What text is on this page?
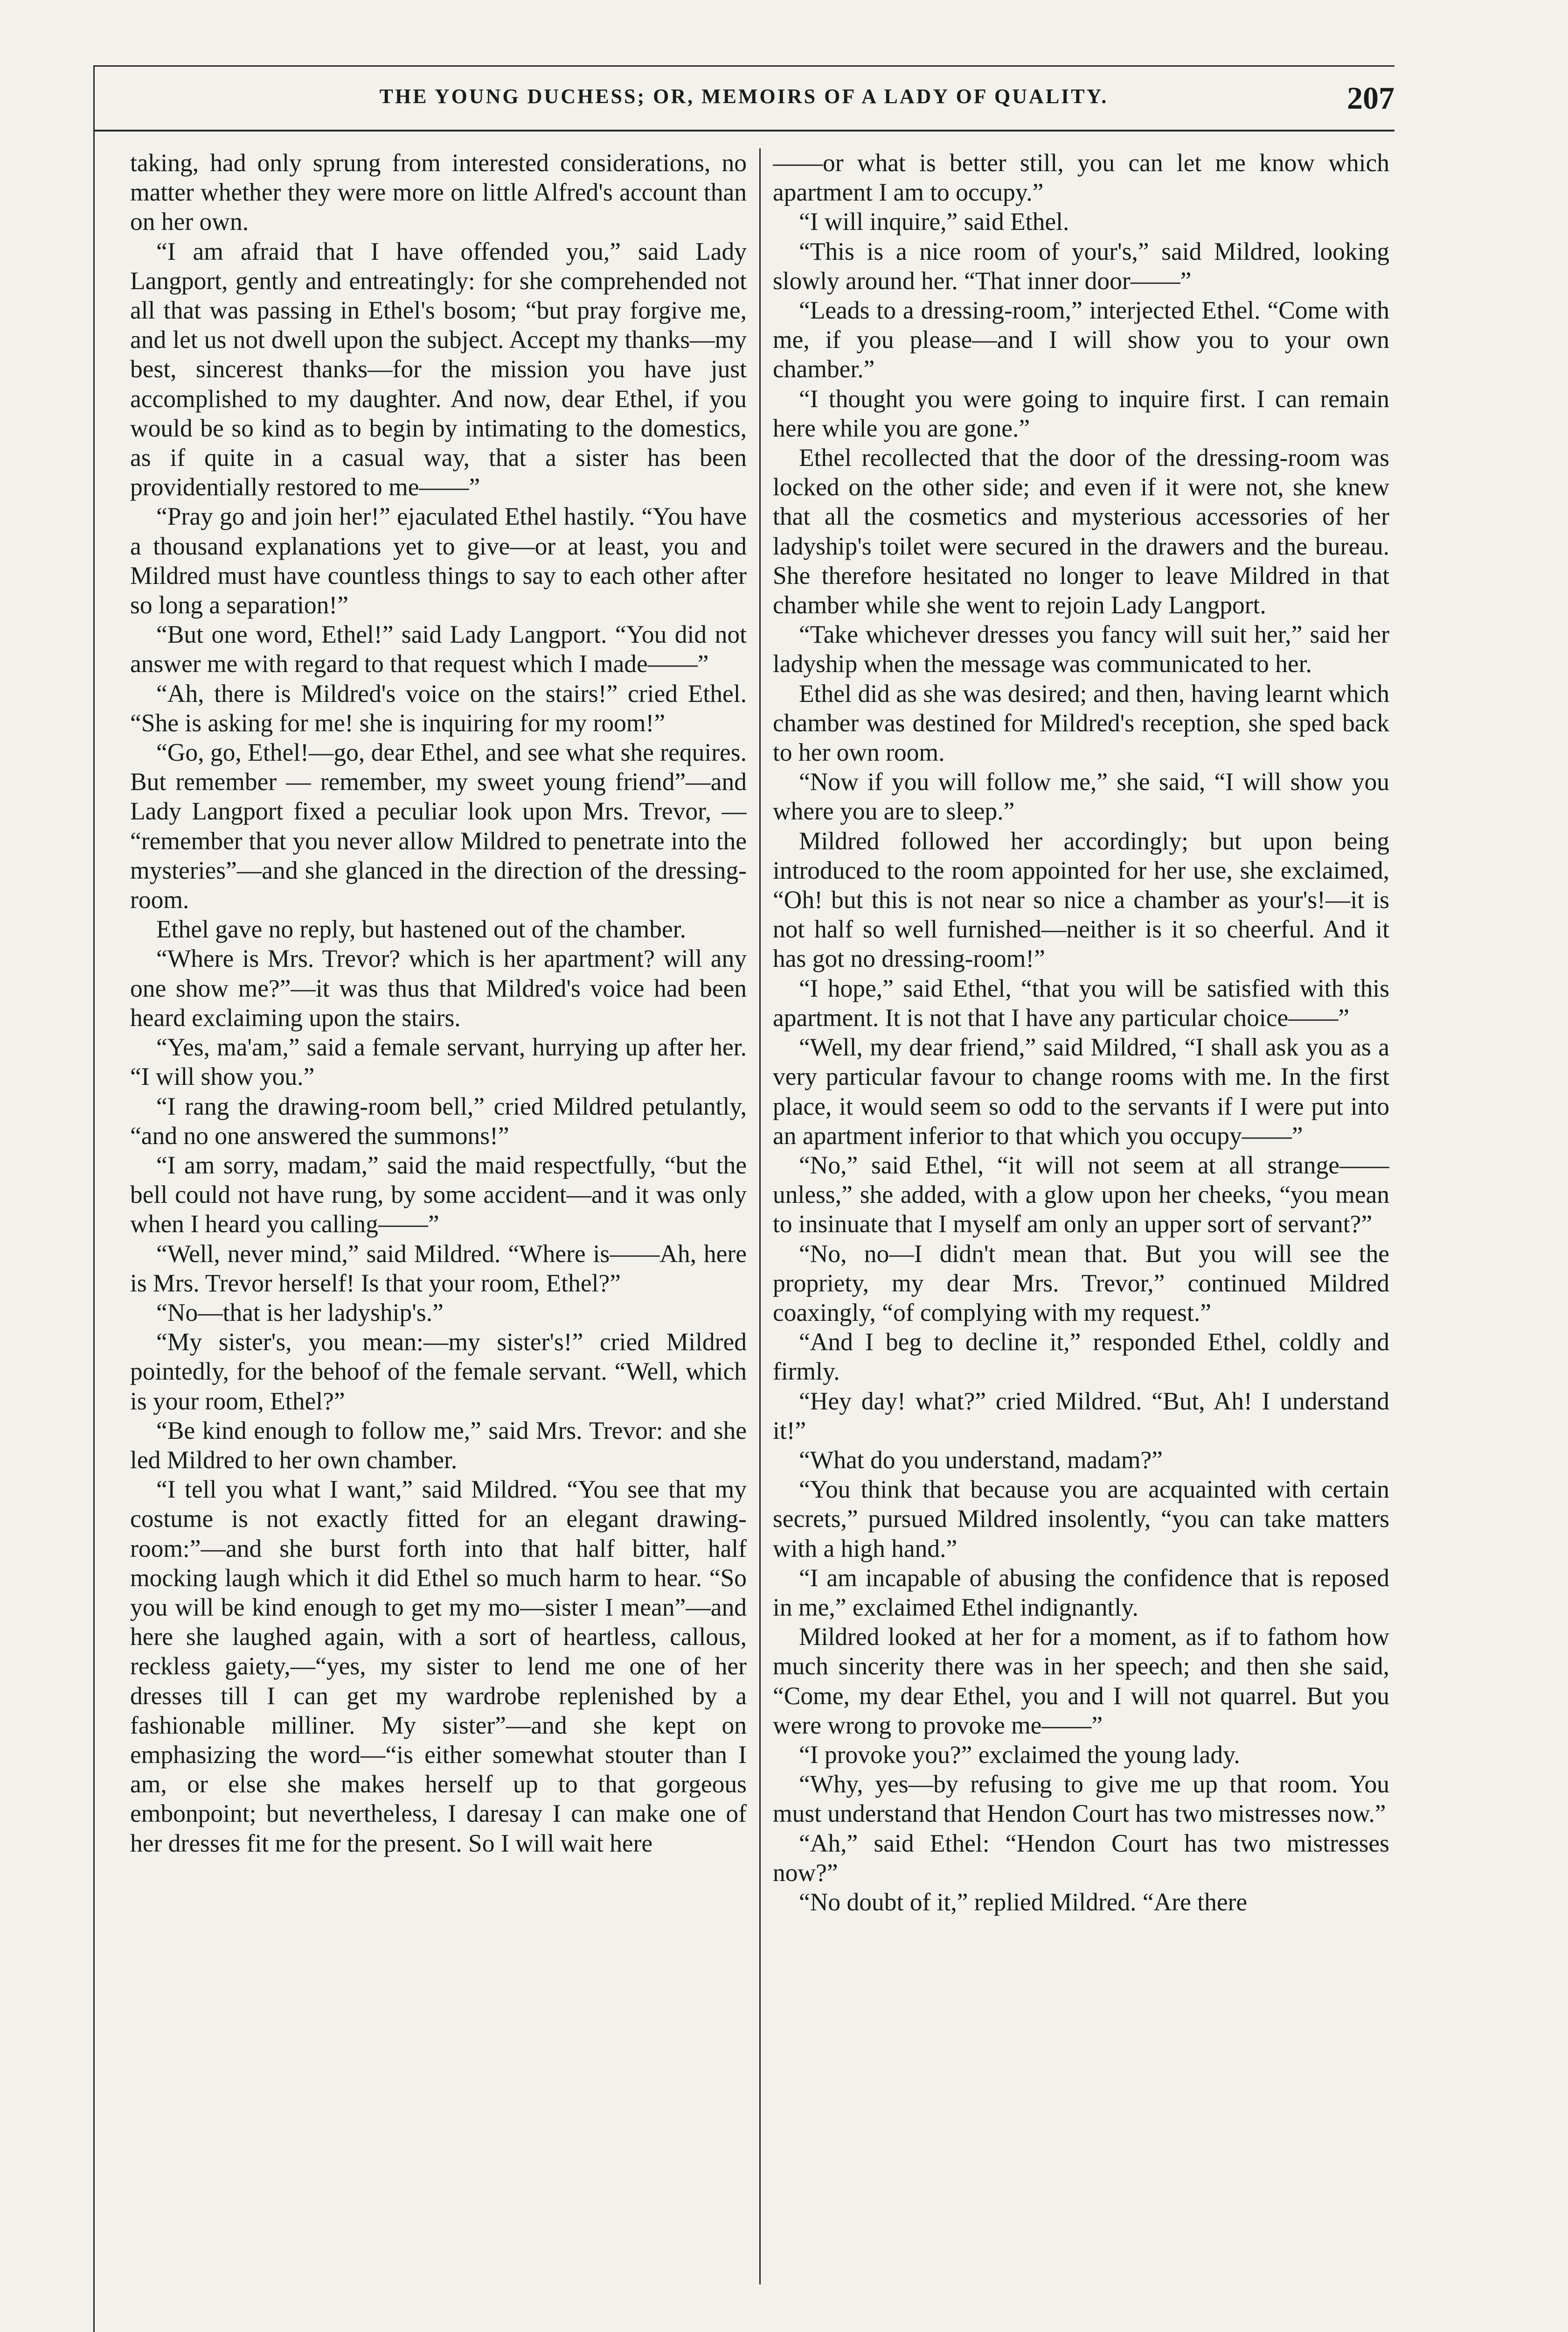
THE YOUNG DUCHESS; OR, MEMOIRS OF A LADY OF QUALITY.	207

taking, had only sprung from interested considerations, no matter whether they were more on little Alfred's account than on her own.

“I am afraid that I have offended you,” said Lady Langport, gently and entreatingly: for she comprehended not all that was passing in Ethel's bosom; “but pray forgive me, and let us not dwell upon the subject. Accept my thanks—my best, sincerest thanks—for the mission you have just accomplished to my daughter. And now, dear Ethel, if you would be so kind as to begin by intimating to the domestics, as if quite in a casual way, that a sister has been providentially restored to me——”

“Pray go and join her!” ejaculated Ethel hastily. “You have a thousand explanations yet to give—or at least, you and Mildred must have countless things to say to each other after so long a separation!”

“But one word, Ethel!” said Lady Langport. “You did not answer me with regard to that request which I made——”

“Ah, there is Mildred's voice on the stairs!” cried Ethel. “She is asking for me! she is inquiring for my room!”

“Go, go, Ethel!—go, dear Ethel, and see what she requires. But remember — remember, my sweet young friend”—and Lady Langport fixed a peculiar look upon Mrs. Trevor, — “remember that you never allow Mildred to penetrate into the mysteries”—and she glanced in the direction of the dressing-room.

Ethel gave no reply, but hastened out of the chamber.

“Where is Mrs. Trevor? which is her apartment? will any one show me?”—it was thus that Mildred's voice had been heard exclaiming upon the stairs.

“Yes, ma'am,” said a female servant, hurrying up after her. “I will show you.”

“I rang the drawing-room bell,” cried Mildred petulantly, “and no one answered the summons!”

“I am sorry, madam,” said the maid respectfully, “but the bell could not have rung, by some accident—and it was only when I heard you calling——”

“Well, never mind,” said Mildred. “Where is——Ah, here is Mrs. Trevor herself! Is that your room, Ethel?”

“No—that is her ladyship's.”

“My sister's, you mean:—my sister's!” cried Mildred pointedly, for the behoof of the female servant. “Well, which is your room, Ethel?”

“Be kind enough to follow me,” said Mrs. Trevor: and she led Mildred to her own chamber.

“I tell you what I want,” said Mildred. “You see that my costume is not exactly fitted for an elegant drawing-room:”—and she burst forth into that half bitter, half mocking laugh which it did Ethel so much harm to hear. “So you will be kind enough to get my mo—sister I mean”—and here she laughed again, with a sort of heartless, callous, reckless gaiety,—“yes, my sister to lend me one of her dresses till I can get my wardrobe replenished by a fashionable milliner. My sister”—and she kept on emphasizing the word—“is either somewhat stouter than I am, or else she makes herself up to that gorgeous embonpoint; but nevertheless, I daresay I can make one of her dresses fit me for the present. So I will wait here

——or what is better still, you can let me know which apartment I am to occupy.”

“I will inquire,” said Ethel.

“This is a nice room of your's,” said Mildred, looking slowly around her. “That inner door——”

“Leads to a dressing-room,” interjected Ethel. “Come with me, if you please—and I will show you to your own chamber.”

“I thought you were going to inquire first. I can remain here while you are gone.”

Ethel recollected that the door of the dressing-room was locked on the other side; and even if it were not, she knew that all the cosmetics and mysterious accessories of her ladyship's toilet were secured in the drawers and the bureau. She therefore hesitated no longer to leave Mildred in that chamber while she went to rejoin Lady Langport.

“Take whichever dresses you fancy will suit her,” said her ladyship when the message was communicated to her.

Ethel did as she was desired; and then, having learnt which chamber was destined for Mildred's reception, she sped back to her own room.

“Now if you will follow me,” she said, “I will show you where you are to sleep.”

Mildred followed her accordingly; but upon being introduced to the room appointed for her use, she exclaimed, “Oh! but this is not near so nice a chamber as your's!—it is not half so well furnished—neither is it so cheerful. And it has got no dressing-room!”

“I hope,” said Ethel, “that you will be satisfied with this apartment. It is not that I have any particular choice——”

“Well, my dear friend,” said Mildred, “I shall ask you as a very particular favour to change rooms with me. In the first place, it would seem so odd to the servants if I were put into an apartment inferior to that which you occupy——”

“No,” said Ethel, “it will not seem at all strange——unless,” she added, with a glow upon her cheeks, “you mean to insinuate that I myself am only an upper sort of servant?”

“No, no—I didn't mean that. But you will see the propriety, my dear Mrs. Trevor,” continued Mildred coaxingly, “of complying with my request.”

“And I beg to decline it,” responded Ethel, coldly and firmly.

“Hey day! what?” cried Mildred. “But, Ah! I understand it!”

“What do you understand, madam?”

“You think that because you are acquainted with certain secrets,” pursued Mildred insolently, “you can take matters with a high hand.”

“I am incapable of abusing the confidence that is reposed in me,” exclaimed Ethel indignantly.

Mildred looked at her for a moment, as if to fathom how much sincerity there was in her speech; and then she said, “Come, my dear Ethel, you and I will not quarrel. But you were wrong to provoke me——”

“I provoke you?” exclaimed the young lady.

“Why, yes—by refusing to give me up that room. You must understand that Hendon Court has two mistresses now.”

“Ah,” said Ethel: “Hendon Court has two mistresses now?”

“No doubt of it,” replied Mildred. “Are there
